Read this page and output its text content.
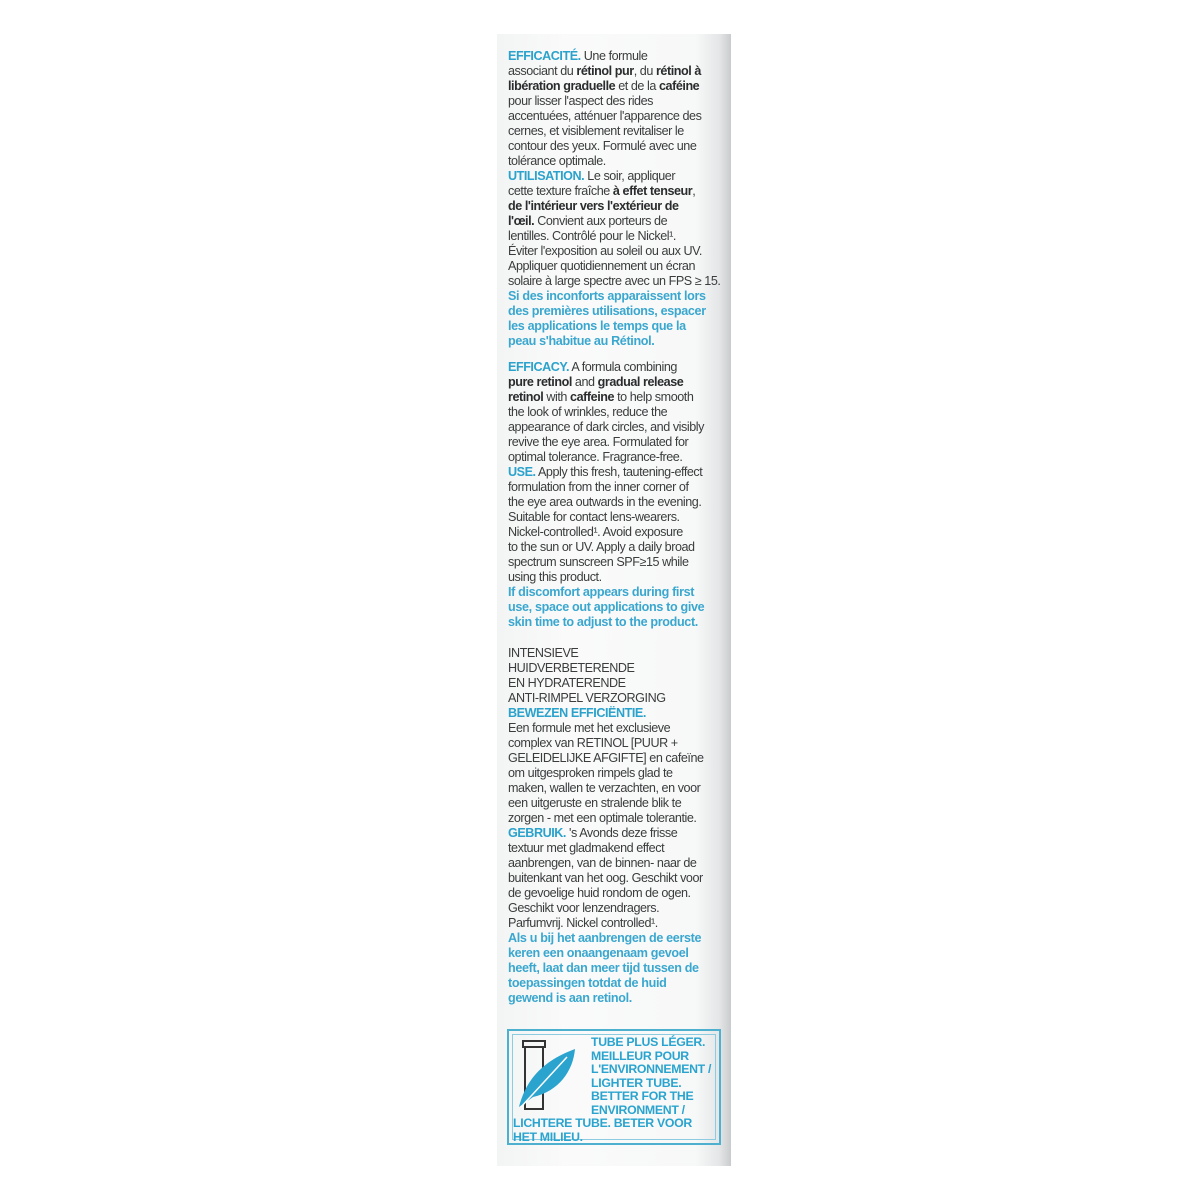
EFFICACITÉ. Une formule
associant du rétinol pur, du rétinol à
libération graduelle et de la caféine
pour lisser l'aspect des rides
accentuées, atténuer l'apparence des
cernes, et visiblement revitaliser le
contour des yeux. Formulé avec une
tolérance optimale.
UTILISATION. Le soir, appliquer
cette texture fraîche à effet tenseur,
de l'intérieur vers l'extérieur de
l'œil. Convient aux porteurs de
lentilles. Contrôlé pour le Nickel¹.
Éviter l'exposition au soleil ou aux UV.
Appliquer quotidiennement un écran
solaire à large spectre avec un FPS ≥ 15.
Si des inconforts apparaissent lors
des premières utilisations, espacer
les applications le temps que la
peau s'habitue au Rétinol.
EFFICACY. A formula combining
pure retinol and gradual release
retinol with caffeine to help smooth
the look of wrinkles, reduce the
appearance of dark circles, and visibly
revive the eye area. Formulated for
optimal tolerance. Fragrance-free.
USE. Apply this fresh, tautening-effect
formulation from the inner corner of
the eye area outwards in the evening.
Suitable for contact lens-wearers.
Nickel-controlled¹. Avoid exposure
to the sun or UV. Apply a daily broad
spectrum sunscreen SPF≥15 while
using this product.
If discomfort appears during first
use, space out applications to give
skin time to adjust to the product.
INTENSIEVE
HUIDVERBETERENDE
EN HYDRATERENDE
ANTI-RIMPEL VERZORGING
BEWEZEN EFFICIËNTIE.
Een formule met het exclusieve
complex van RETINOL [PUUR +
GELEIDELIJKE AFGIFTE] en cafeïne
om uitgesproken rimpels glad te
maken, wallen te verzachten, en voor
een uitgeruste en stralende blik te
zorgen - met een optimale tolerantie.
GEBRUIK. 's Avonds deze frisse
textuur met gladmakend effect
aanbrengen, van de binnen- naar de
buitenkant van het oog. Geschikt voor
de gevoelige huid rondom de ogen.
Geschikt voor lenzendragers.
Parfumvrij. Nickel controlled¹.
Als u bij het aanbrengen de eerste
keren een onaangenaam gevoel
heeft, laat dan meer tijd tussen de
toepassingen totdat de huid
gewend is aan retinol.
TUBE PLUS LÉGER.
MEILLEUR POUR
L'ENVIRONNEMENT /
LIGHTER TUBE.
BETTER FOR THE
ENVIRONMENT /
LICHTERE TUBE. BETER VOOR
HET MILIEU.
